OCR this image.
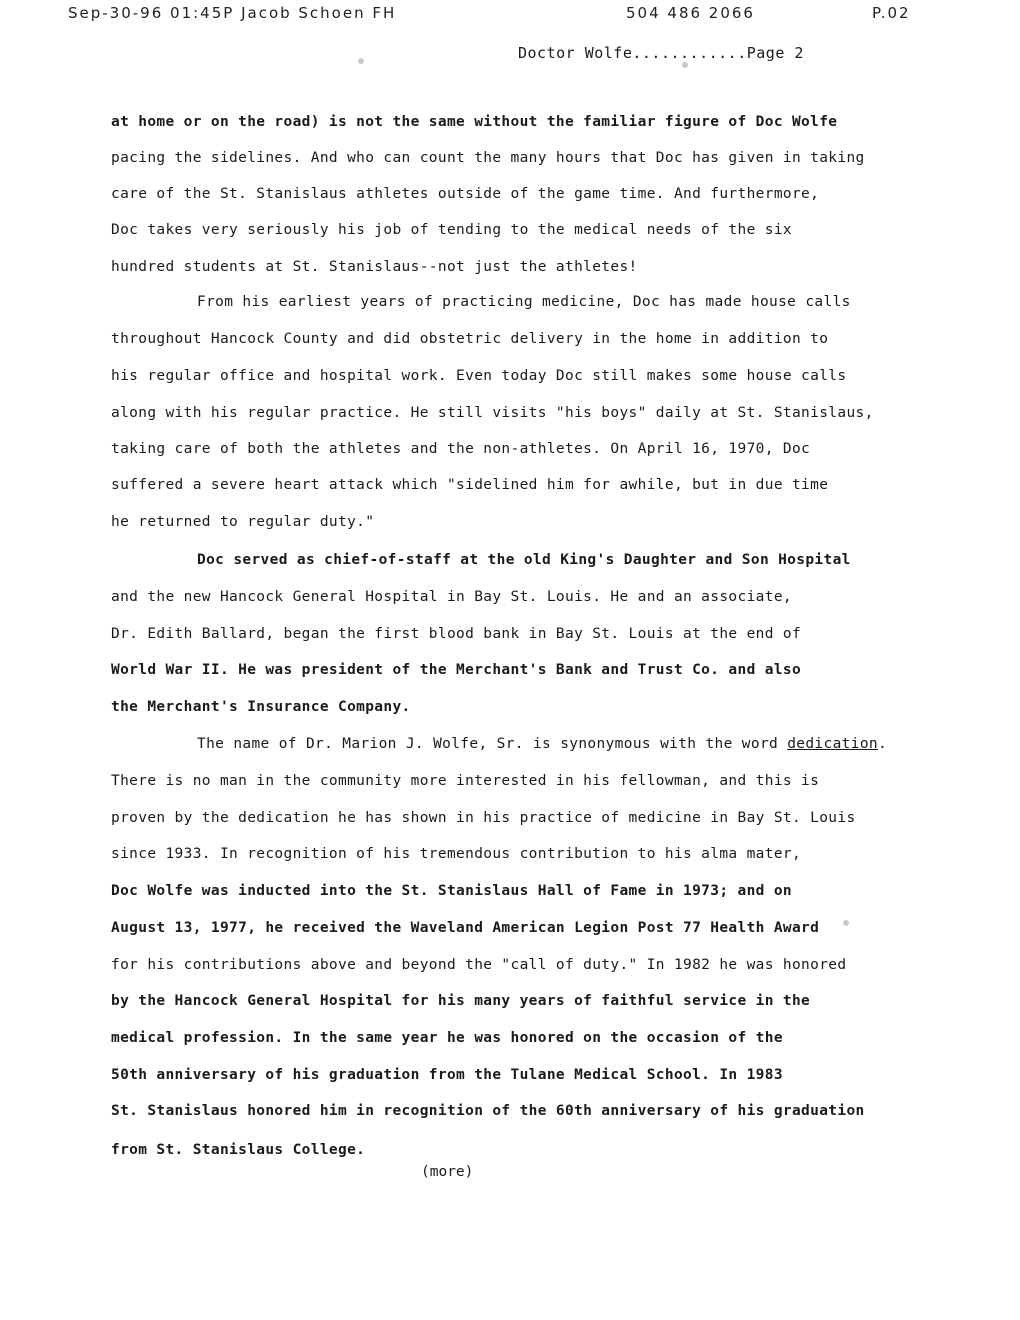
Sep-30-96 01:45P Jacob Schoen FH	504 486 2066	P.02
Doctor Wolfe............Page 2
at home or on the road) is not the same without the familiar figure of Doc Wolfe
pacing the sidelines. And who can count the many hours that Doc has given in taking
care of the St. Stanislaus athletes outside of the game time. And furthermore,
Doc takes very seriously his job of tending to the medical needs of the six
hundred students at St. Stanislaus--not just the athletes!
From his earliest years of practicing medicine, Doc has made house calls
throughout Hancock County and did obstetric delivery in the home in addition to
his regular office and hospital work. Even today Doc still makes some house calls
along with his regular practice. He still visits "his boys" daily at St. Stanislaus,
taking care of both the athletes and the non-athletes. On April 16, 1970, Doc
suffered a severe heart attack which "sidelined him for awhile, but in due time
he returned to regular duty."
Doc served as chief-of-staff at the old King's Daughter and Son Hospital
and the new Hancock General Hospital in Bay St. Louis. He and an associate,
Dr. Edith Ballard, began the first blood bank in Bay St. Louis at the end of
World War II. He was president of the Merchant's Bank and Trust Co. and also
the Merchant's Insurance Company.
The name of Dr. Marion J. Wolfe, Sr. is synonymous with the word dedication.
There is no man in the community more interested in his fellowman, and this is
proven by the dedication he has shown in his practice of medicine in Bay St. Louis
since 1933. In recognition of his tremendous contribution to his alma mater,
Doc Wolfe was inducted into the St. Stanislaus Hall of Fame in 1973; and on
August 13, 1977, he received the Waveland American Legion Post 77 Health Award
for his contributions above and beyond the "call of duty." In 1982 he was honored
by the Hancock General Hospital for his many years of faithful service in the
medical profession. In the same year he was honored on the occasion of the
50th anniversary of his graduation from the Tulane Medical School. In 1983
St. Stanislaus honored him in recognition of the 60th anniversary of his graduation
from St. Stanislaus College.
(more)
